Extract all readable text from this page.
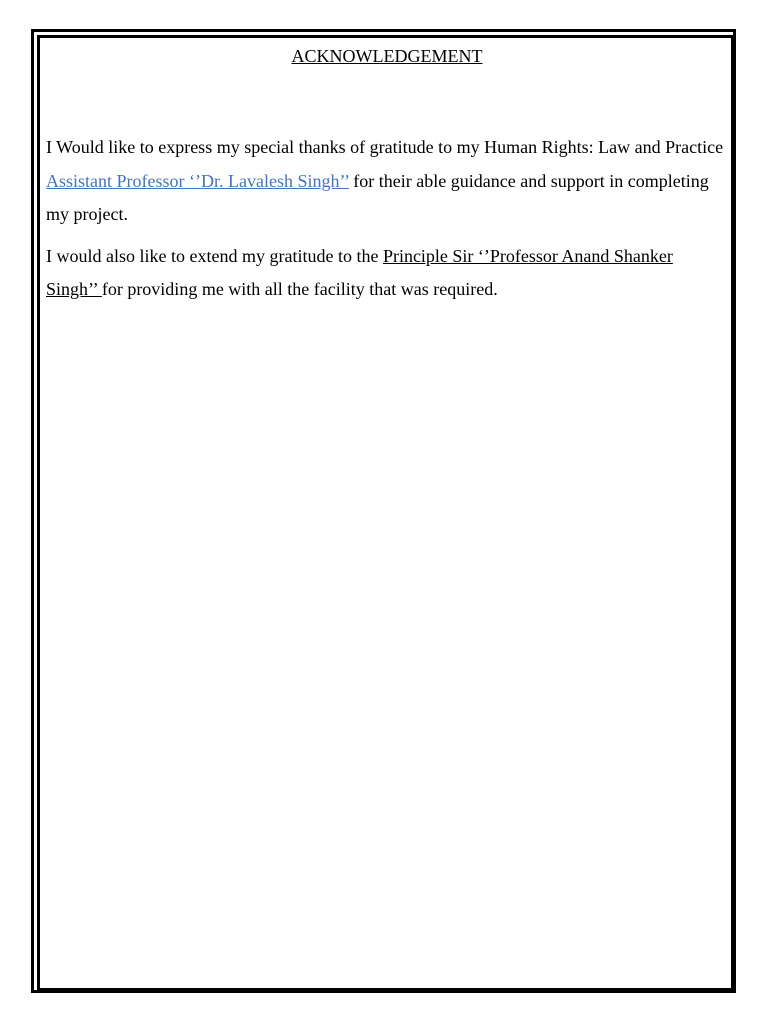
ACKNOWLEDGEMENT

I Would like to express my special thanks of gratitude to my Human Rights: Law and Practice Assistant Professor ‘’Dr. Lavalesh Singh’’ for their able guidance and support in completing my project.

I would also like to extend my gratitude to the Principle Sir ‘’Professor Anand Shanker Singh’’ for providing me with all the facility that was required.
